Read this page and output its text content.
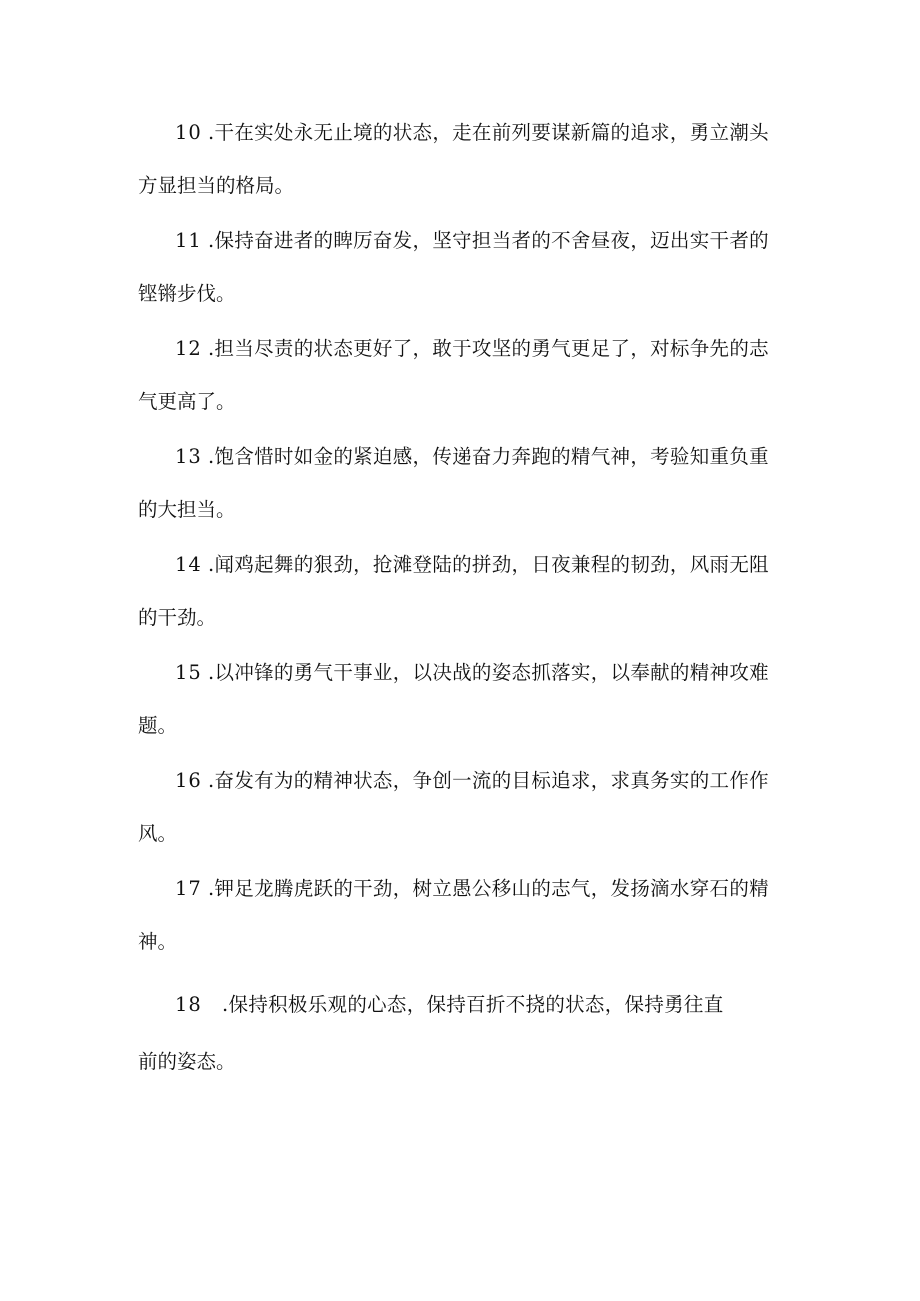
10 .干在实处永无止境的状态，走在前列要谋新篇的追求，勇立潮头
方显担当的格局。
11 .保持奋进者的睥厉奋发，坚守担当者的不舍昼夜，迈出实干者的
铿锵步伐。
12 .担当尽责的状态更好了，敢于攻坚的勇气更足了，对标争先的志
气更高了。
13 .饱含惜时如金的紧迫感，传递奋力奔跑的精气神，考验知重负重
的大担当。
14 .闻鸡起舞的狠劲，抢滩登陆的拼劲，日夜兼程的韧劲，风雨无阻
的干劲。
15 .以冲锋的勇气干事业，以决战的姿态抓落实，以奉献的精神攻难
题。
16 .奋发有为的精神状态，争创一流的目标追求，求真务实的工作作
风。
17 .钾足龙腾虎跃的干劲，树立愚公移山的志气，发扬滴水穿石的精
神。
18 .保持积极乐观的心态，保持百折不挠的状态，保持勇往直
前的姿态。
